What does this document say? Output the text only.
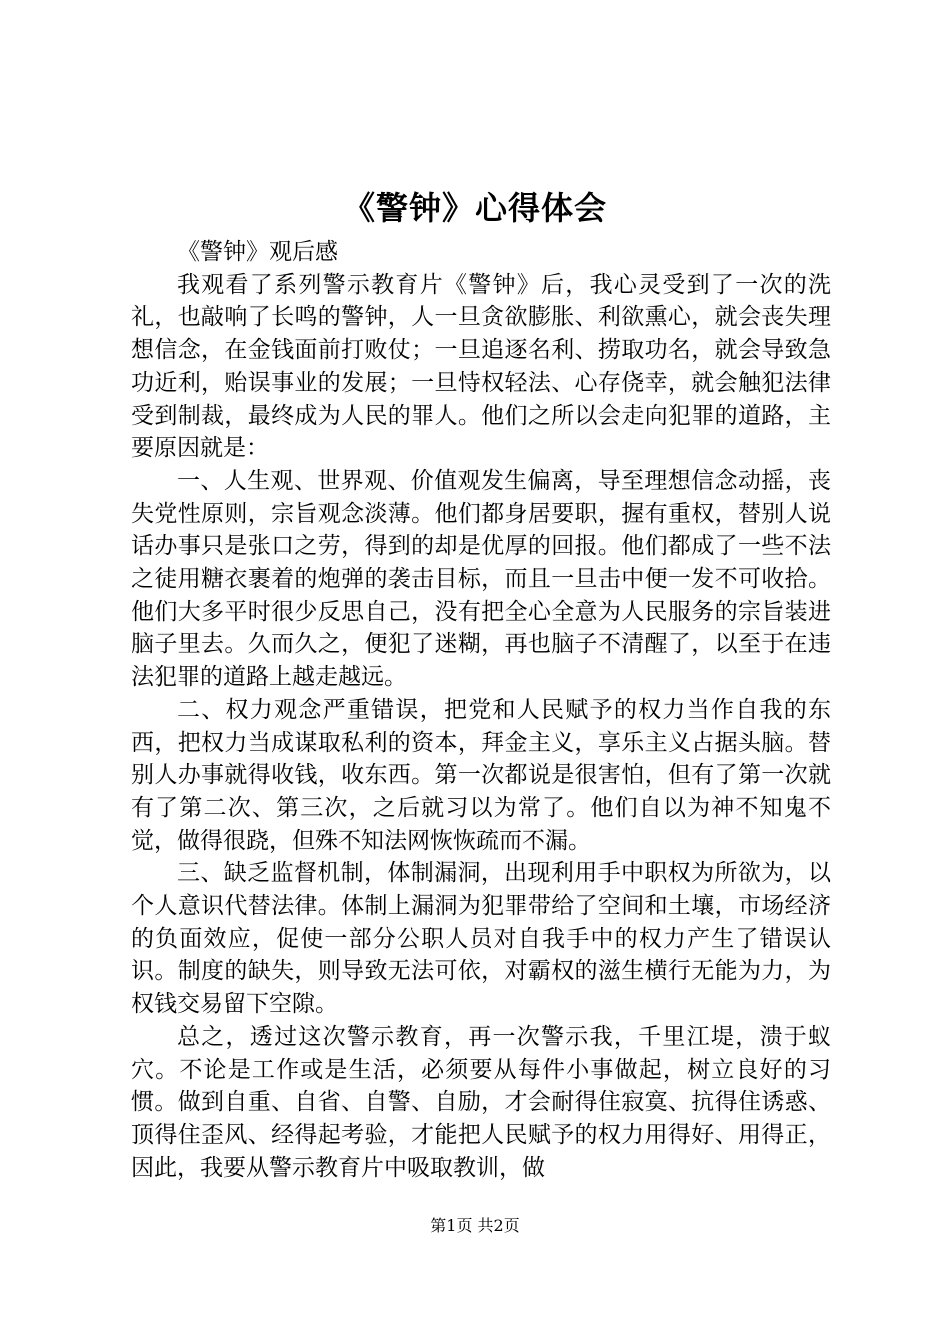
《警钟》心得体会

《警钟》观后感

我观看了系列警示教育片《警钟》后，我心灵受到了一次的洗礼，也敲响了长鸣的警钟，人一旦贪欲膨胀、利欲熏心，就会丧失理想信念，在金钱面前打败仗；一旦追逐名利、捞取功名，就会导致急功近利，贻误事业的发展；一旦恃权轻法、心存侥幸，就会触犯法律受到制裁，最终成为人民的罪人。他们之所以会走向犯罪的道路，主要原因就是：

一、人生观、世界观、价值观发生偏离，导至理想信念动摇，丧失党性原则，宗旨观念淡薄。他们都身居要职，握有重权，替别人说话办事只是张口之劳，得到的却是优厚的回报。他们都成了一些不法之徒用糖衣裹着的炮弹的袭击目标，而且一旦击中便一发不可收拾。他们大多平时很少反思自己，没有把全心全意为人民服务的宗旨装进脑子里去。久而久之，便犯了迷糊，再也脑子不清醒了，以至于在违法犯罪的道路上越走越远。

二、权力观念严重错误，把党和人民赋予的权力当作自我的东西，把权力当成谋取私利的资本，拜金主义，享乐主义占据头脑。替别人办事就得收钱，收东西。第一次都说是很害怕，但有了第一次就有了第二次、第三次，之后就习以为常了。他们自以为神不知鬼不觉，做得很跷，但殊不知法网恢恢疏而不漏。

三、缺乏监督机制，体制漏洞，出现利用手中职权为所欲为，以个人意识代替法律。体制上漏洞为犯罪带给了空间和土壤，市场经济的负面效应，促使一部分公职人员对自我手中的权力产生了错误认识。制度的缺失，则导致无法可依，对霸权的滋生横行无能为力，为权钱交易留下空隙。

总之，透过这次警示教育，再一次警示我，千里江堤，溃于蚁穴。不论是工作或是生活，必须要从每件小事做起，树立良好的习惯。做到自重、自省、自警、自励，才会耐得住寂寞、抗得住诱惑、顶得住歪风、经得起考验，才能把人民赋予的权力用得好、用得正，因此，我要从警示教育片中吸取教训，做

第1页 共2页
